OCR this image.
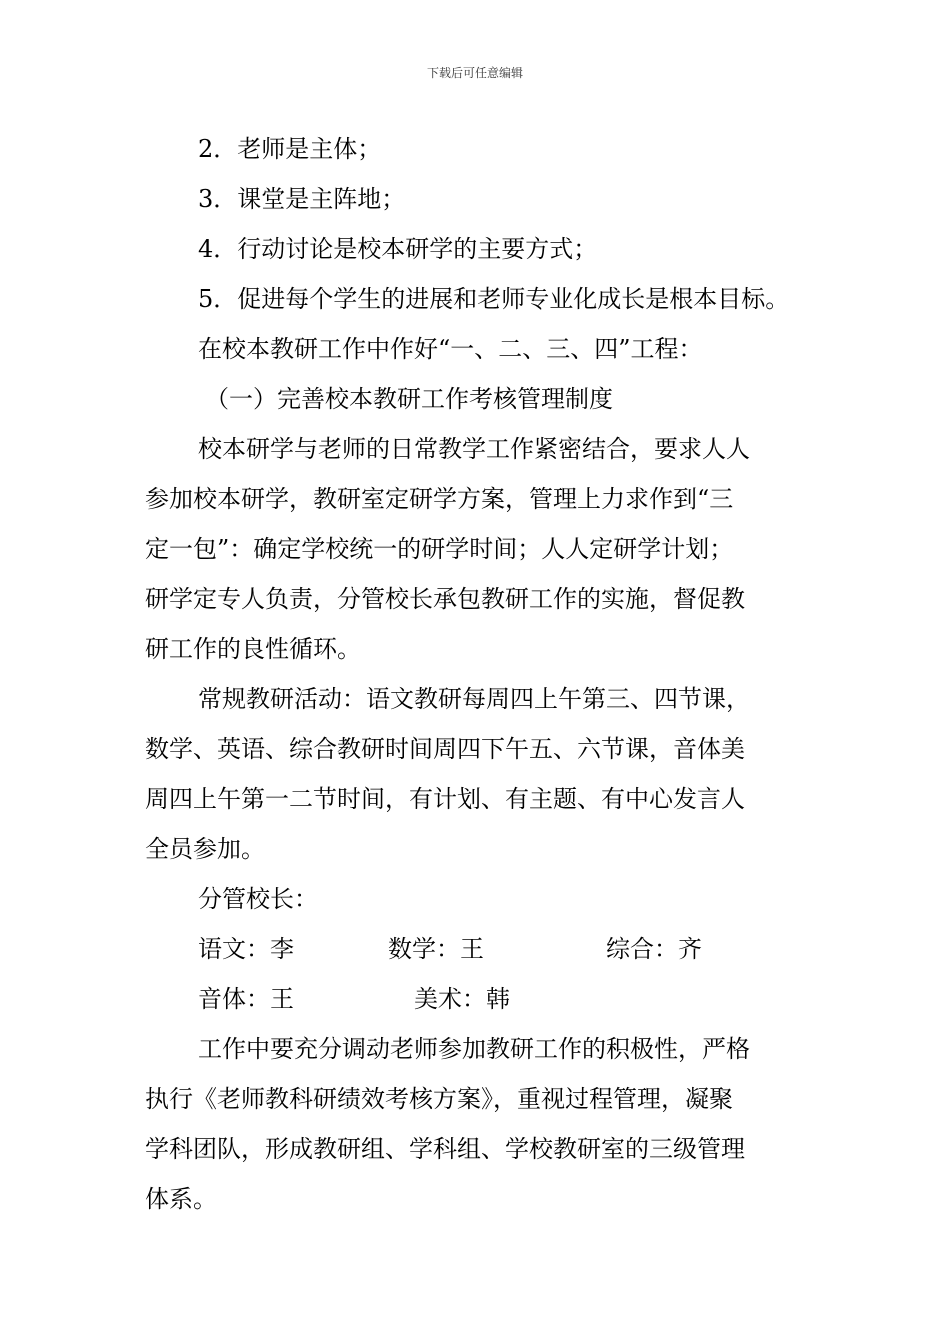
下载后可任意编辑
2．老师是主体；
3．课堂是主阵地；
4．行动讨论是校本研学的主要方式；
5．促进每个学生的进展和老师专业化成长是根本目标。
在校本教研工作中作好“一、二、三、四”工程：
（一）完善校本教研工作考核管理制度
校本研学与老师的日常教学工作紧密结合，要求人人
参加校本研学，教研室定研学方案，管理上力求作到“三
定一包”：确定学校统一的研学时间；人人定研学计划；
研学定专人负责，分管校长承包教研工作的实施，督促教
研工作的良性循环。
常规教研活动：语文教研每周四上午第三、四节课，
数学、英语、综合教研时间周四下午五、六节课，音体美
周四上午第一二节时间，有计划、有主题、有中心发言人
全员参加。
分管校长：
语文：李	数学：王	综合：齐
音体：王	美术：韩
工作中要充分调动老师参加教研工作的积极性，严格
执行《老师教科研绩效考核方案》，重视过程管理，凝聚
学科团队，形成教研组、学科组、学校教研室的三级管理
体系。
